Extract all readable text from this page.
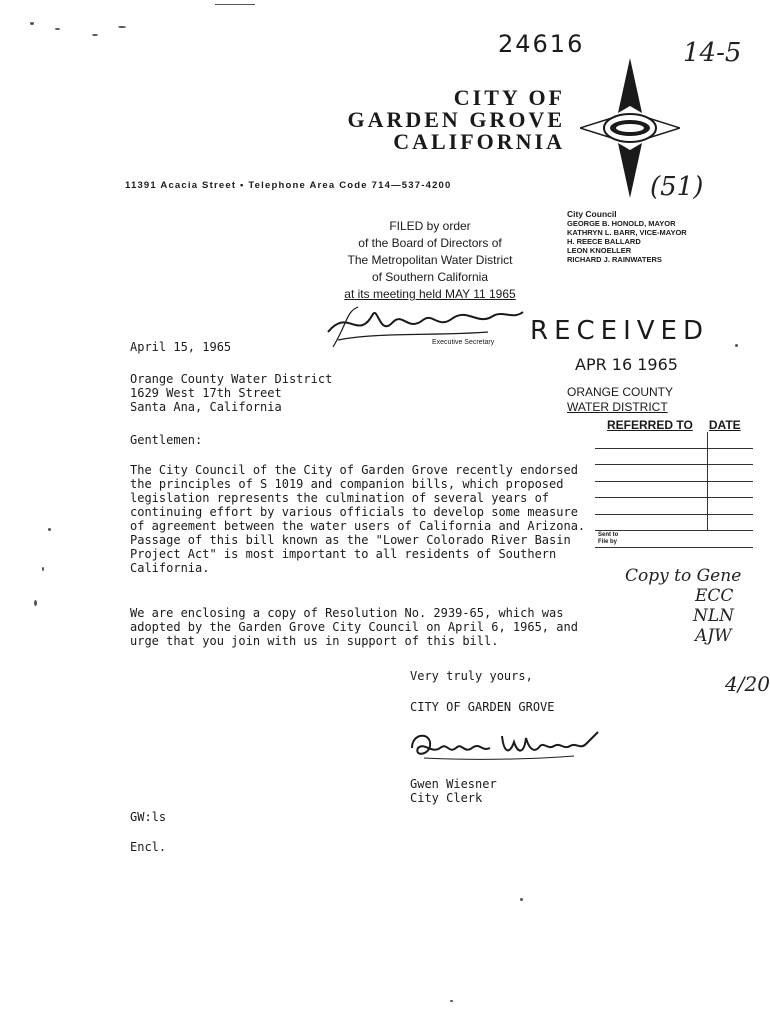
24616	14-5
(51)
CITY OF
GARDEN GROVE
CALIFORNIA
11391 Acacia Street • Telephone Area Code 714—537-4200
City Council
GEORGE B. HONOLD, MAYOR
KATHRYN L. BARR, VICE-MAYOR
H. REECE BALLARD
LEON KNOELLER
RICHARD J. RAINWATERS
FILED by order
of the Board of Directors of
The Metropolitan Water District
of Southern California
at its meeting held MAY 11 1965
Executive Secretary RECEIVED
APR 16 1965
ORANGE COUNTY
WATER DISTRICT
REFERRED TO	DATE
Sent to
File by
April 15, 1965
Orange County Water District
1629 West 17th Street
Santa Ana, California
Gentlemen:
The City Council of the City of Garden Grove recently endorsed
the principles of S 1019 and companion bills, which proposed
legislation represents the culmination of several years of
continuing effort by various officials to develop some measure
of agreement between the water users of California and Arizona.
Passage of this bill known as the "Lower Colorado River Basin
Project Act" is most important to all residents of Southern
California.
We are enclosing a copy of Resolution No. 2939-65, which was
adopted by the Garden Grove City Council on April 6, 1965, and
urge that you join with us in support of this bill.
Very truly yours,
CITY OF GARDEN GROVE
Gwen Wiesner
City Clerk
GW:ls
Encl.
Copy to Gene
ECC
NLN
AJW
4/20
